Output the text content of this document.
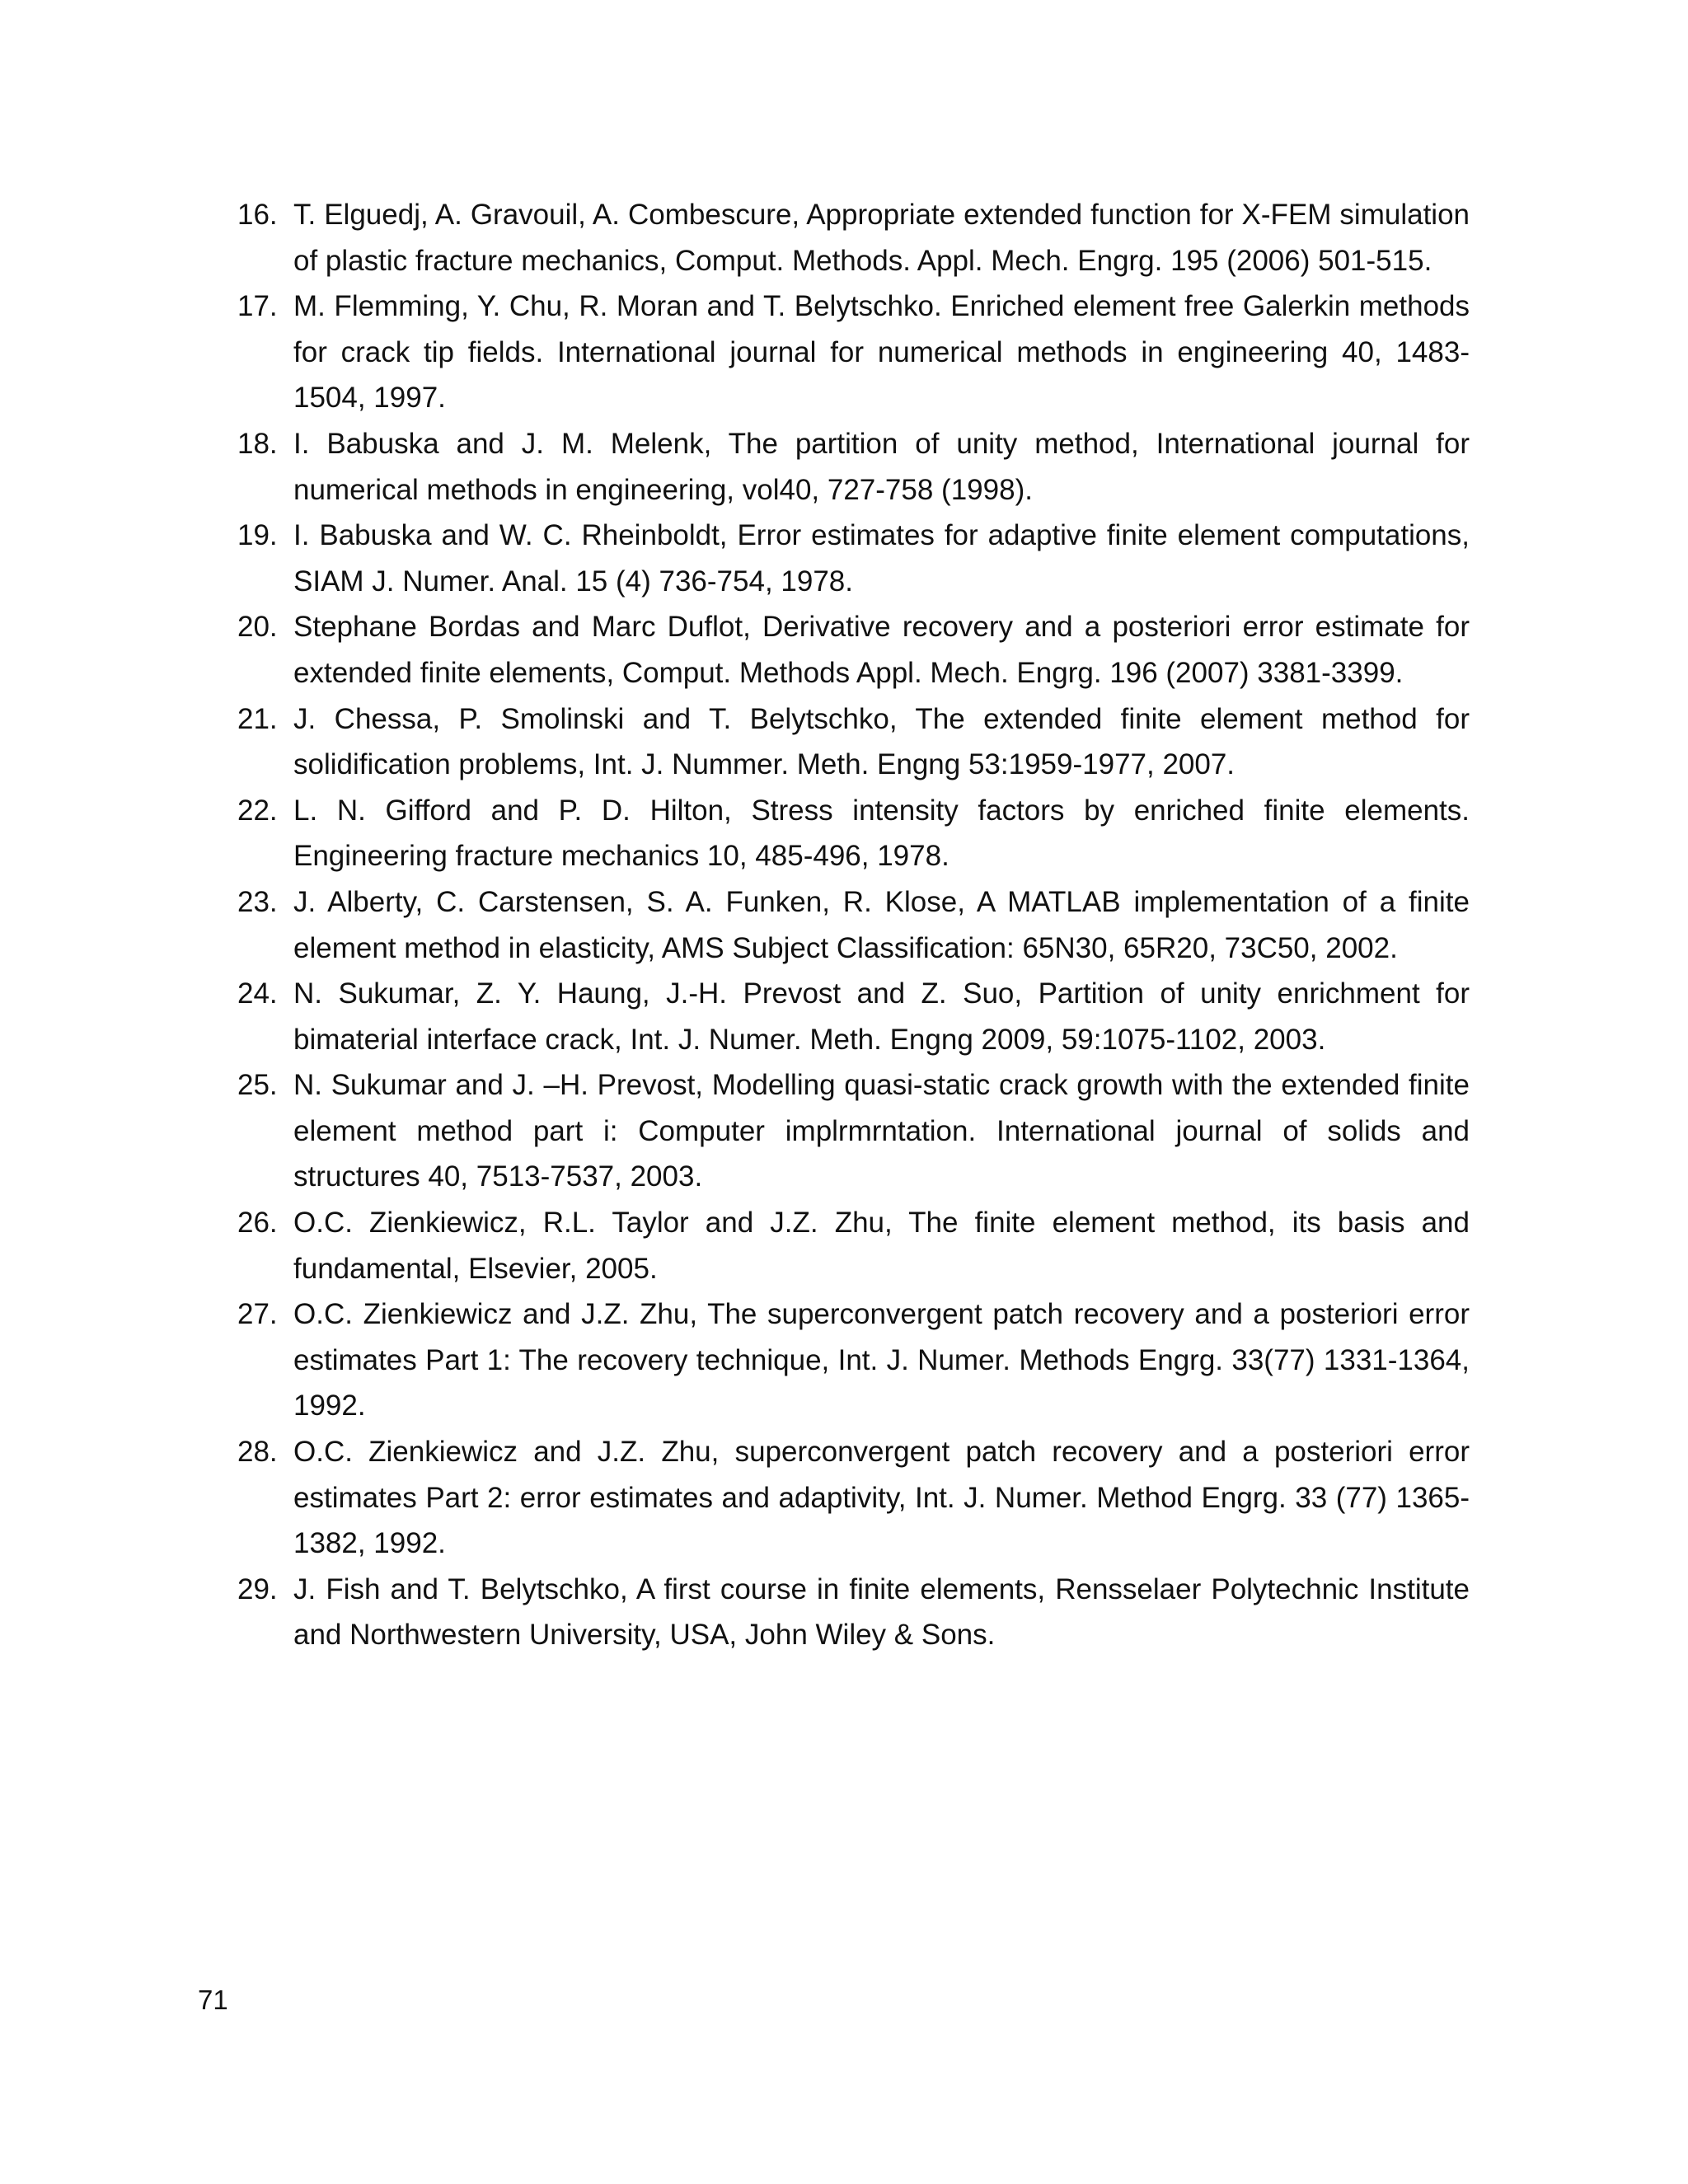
16. T. Elguedj, A. Gravouil, A. Combescure, Appropriate extended function for X-FEM simulation of plastic fracture mechanics, Comput. Methods. Appl. Mech. Engrg. 195 (2006) 501-515.
17. M. Flemming, Y. Chu, R. Moran and T. Belytschko. Enriched element free Galerkin methods for crack tip fields. International journal for numerical methods in engineering 40, 1483-1504, 1997.
18. I. Babuska and J. M. Melenk, The partition of unity method, International journal for numerical methods in engineering, vol40, 727-758 (1998).
19. I. Babuska and W. C. Rheinboldt, Error estimates for adaptive finite element computations, SIAM J. Numer. Anal. 15 (4) 736-754, 1978.
20. Stephane Bordas and Marc Duflot, Derivative recovery and a posteriori error estimate for extended finite elements, Comput. Methods Appl. Mech. Engrg. 196 (2007) 3381-3399.
21. J. Chessa, P. Smolinski and T. Belytschko, The extended finite element method for solidification problems, Int. J. Nummer. Meth. Engng 53:1959-1977, 2007.
22. L. N. Gifford and P. D. Hilton, Stress intensity factors by enriched finite elements. Engineering fracture mechanics 10, 485-496, 1978.
23. J. Alberty, C. Carstensen, S. A. Funken, R. Klose, A MATLAB implementation of a finite element method in elasticity, AMS Subject Classification: 65N30, 65R20, 73C50, 2002.
24. N. Sukumar, Z. Y. Haung, J.-H. Prevost and Z. Suo, Partition of unity enrichment for bimaterial interface crack, Int. J. Numer. Meth. Engng 2009, 59:1075-1102, 2003.
25. N. Sukumar and J. –H. Prevost, Modelling quasi-static crack growth with the extended finite element method part i: Computer implrmrntation. International journal of solids and structures 40, 7513-7537, 2003.
26. O.C. Zienkiewicz, R.L. Taylor and J.Z. Zhu, The finite element method, its basis and fundamental, Elsevier, 2005.
27. O.C. Zienkiewicz and J.Z. Zhu, The superconvergent patch recovery and a posteriori error estimates Part 1: The recovery technique, Int. J. Numer. Methods Engrg. 33(77) 1331-1364, 1992.
28. O.C. Zienkiewicz and J.Z. Zhu, superconvergent patch recovery and a posteriori error estimates Part 2: error estimates and adaptivity, Int. J. Numer. Method Engrg. 33 (77) 1365-1382, 1992.
29. J. Fish and T. Belytschko, A first course in finite elements, Rensselaer Polytechnic Institute and Northwestern University, USA, John Wiley & Sons.
71
